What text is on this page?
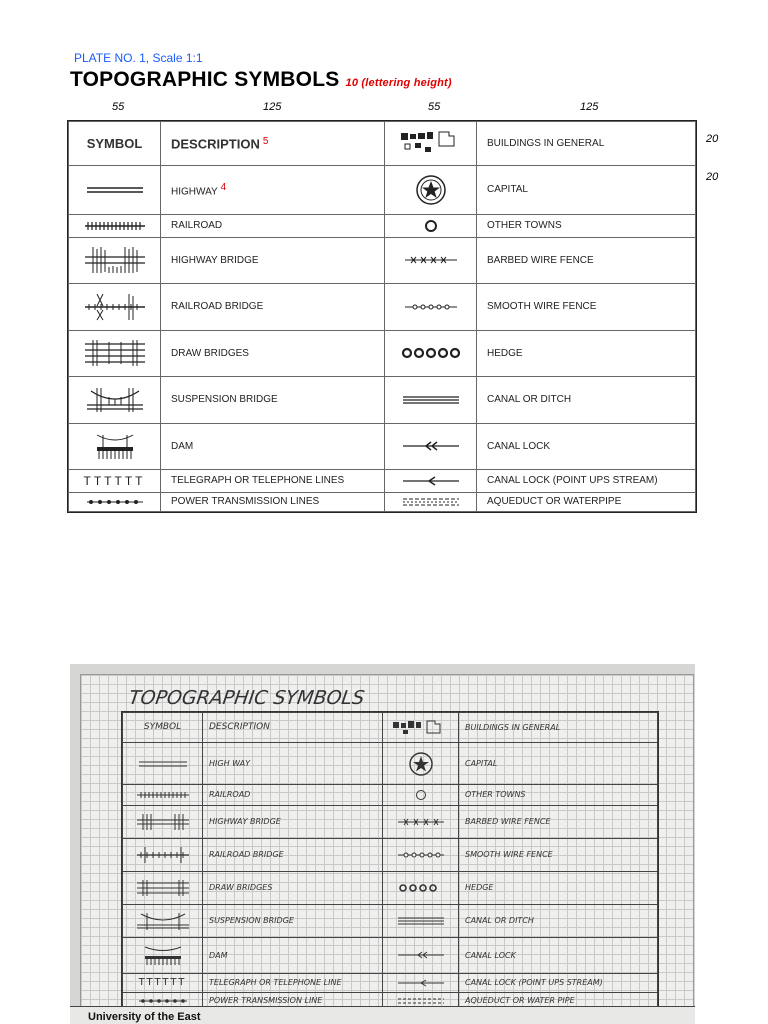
PLATE NO. 1, Scale 1:1
TOPOGRAPHIC SYMBOLS 10 (lettering height)
55	125	55	125
20
20
SYMBOL	DESCRIPTION 5		BUILDINGS IN GENERAL

	HIGHWAY 4		CAPITAL

	RAILROAD		OTHER TOWNS

	HIGHWAY BRIDGE		BARBED WIRE FENCE

	RAILROAD BRIDGE		SMOOTH WIRE FENCE

	DRAW BRIDGES		HEDGE

	SUSPENSION BRIDGE		CANAL OR DITCH

	DAM		CANAL LOCK
TTTTTT	TELEGRAPH OR TELEPHONE LINES		CANAL LOCK (POINT UPS STREAM)

	POWER TRANSMISSION LINES		AQUEDUCT OR WATERPIPE
TOPOGRAPHIC SYMBOLS
SYMBOL	DESCRIPTION		BUILDINGS IN GENERAL

	HIGH WAY		CAPITAL

	RAILROAD		OTHER TOWNS

	HIGHWAY BRIDGE		BARBED WIRE FENCE

	RAILROAD BRIDGE		SMOOTH WIRE FENCE

	DRAW BRIDGES		HEDGE

	SUSPENSION BRIDGE		CANAL OR DITCH

	DAM		CANAL LOCK
TTTTTT	TELEGRAPH OR TELEPHONE LINE		CANAL LOCK (POINT UPS STREAM)

	POWER TRANSMISSION LINE		AQUEDUCT OR WATER PIPE
University of the East
